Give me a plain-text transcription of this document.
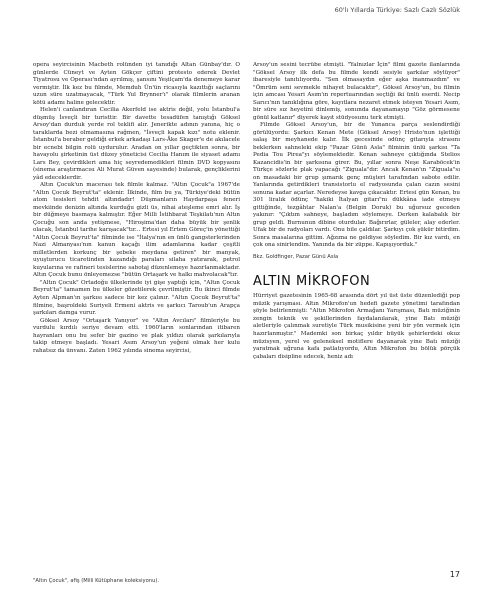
60'lı Yıllarda Türkiye: Sazlı Cazlı Sözlük

opera seyircisinin Macbeth rolünden iyi tanıdığı Altan Günbay'dır. O günlerde Cüneyt ve Ayten Gökçer çiftini protesto ederek Devlet Tiyatrosu ve Operası'ndan ayrılmış, şansını Yeşilçam'da denemeye karar vermiştir. İlk kez bu filmde, Memduh Ün'ün ricasıyla kazıttığı saçlarını uzun süre uzatmayacak, "Türk Yul Brynner'ı" olarak filmlerin aranan kötü adamı haline gelecektir.

Helen'i canlandıran Cecilia Akerfeld ise aktris değil, yolu İstanbul'a düşmüş İsveçli bir turisttir. Bir davette tesadüfen tanıştığı Göksel Arsoy'dan durduk yerde rol teklifi alır. Jenerikte adının yanına, hiç o taraklarda bezi olmamasına rağmen, "İsveçli kapak kızı" notu eklenir. İstanbul'a beraber geldiği erkek arkadaşı Lars-Åke Skager'e de akılacele bir ecnebi bilgin rolü uydurulur. Aradan on yıllar geçtikten sonra, bir havayolu şirketinin üst düzey yöneticisi Cecilia Hanım ile siyaset adamı Lars Bey, çevirdikleri ama hiç seyredemedikleri filmin DVD kopyasını (sinema araştırmacısı Ali Murat Güven sayesinde) bularak, gençliklerini yâd edeceklerdir.

Altın Çocuk'un macerası tek filmle kalmaz. "Altın Çocuk"a 1967'de "Altın Çocuk Beyrut'ta" eklenir. İlkinde, film bu ya, Türkiye'deki bütün atom tesisleri tehdit altındadır! Düşmanların Haydarpaşa feneri mevkiinde denizin altında kurduğu gizli üs, nihai ateşleme emri alır. İş bir düğmeye basmaya kalmıştır. Eğer Milli İstihbarat Teşkilatı'nın Altın Çocuğu son anda yetişmese, "Hiroşima'dan daha büyük bir şenlik olacak, İstanbul tarihe karışacak"tır... Ertesi yıl Ertem Göreç'in yönettiği "Altın Çocuk Beyrut'ta" filminde ise "İtalya'nın en ünlü gangsterlerinden Nazi Almanyası'nın kanun kaçağı ilim adamlarına kadar çeşitli milletlerden korkunç bir şebeke meydana getiren" bir manyak, uyuşturucu ticaretinden kazandığı paraları silaha yatırarak, petrol kuyularına ve rafineri tesislerine sabotaj düzenlemeye hazırlanmaktadır. Altın Çocuk bunu önleyemezse "bütün Ortaşark ve halkı mahvolacak"tır.

"Altın Çocuk" Ortadoğu ülkelerinde iyi gişe yaptığı için, "Altın Çocuk Beyrut'ta" tamamen bu ülkeler gözetilerek çevrilmiştir. Bu ikinci filmde Ayten Alpman'ın şarkısı sadece bir kez çalınır. "Altın Çocuk Beyrut'ta" filmine, başroldeki Suriyeli Ermeni aktris ve şarkıcı Taroub'un Arapça şarkıları damga vurur.

Göksel Arsoy "Ortaşark Yanıyor" ve "Altın Avcıları" filmleriyle bu vurdulu kırdılı seriye devam etti. 1960'ların sonlarından itibaren hayranları onu bu sefer bir gazino ve plak yıldızı olarak şarkılarıyla takip etmeye başladı. Yesari Asım Arsoy'un yeğeni olmak her kulu rahatsız da ünvanı. Zaten 1962 yılında sinema seyircisi,

Arsoy'un sesini tecrübe etmişti. "Yalnızlar İçin" filmi gazete ilanlarında "Göksel Arsoy ilk defa bu filmde kendi sesiyle şarkılar söylüyor" ibaresiyle tanıtılıyordu. "Sen olmasaydın eğer aşka inanmazdım" ve "Ömrüm seni sevmekle nihayet bulacaktır", Göksel Arsoy'un, bu filmin için amcası Yesari Asım'ın repertuarından seçtiği iki ünlü eserdi. Necip Sarıcı'nın tanıklığına göre, kayıtlara nezaret etmek isteyen Yesari Asım, bir süre sız heyetini dinlemiş, sonunda dayanamayıp "Göz görmesene gönül katlanır" diyerek kayıt stüdyosunu terk etmişti.

Filmde Göksel Arsoy'un, bir de Yunanca parça seslendirdiği görülüyordu: Şarkıcı Kenan Mete (Göksel Arsoy) Hristo'nun işlettiği salaş bir meyhanede kalır. İlk gecesinde odünç gitarıyla strasını beklerken sahneleki ekip "Pazar Günü Asla" filminin ünlü şarkısı "Ta Pedia Tou Pirea"yı söylemektedir. Kenan sahneye çıktığında Stelios Kazancidis'in bir şarkısına girer. Bu, yıllar sonra Neşe Karaböcek'in Türkçe sözlerle plak yapacağı "Ziguala"dır. Ancak Kenan'ın "Ziguala"sı on masadaki bir grup şımarık genç müşteri tarafından sabote edilir. Yanlarında getirdikleri transistorlu el radyosunda çalan cazın sesini sonuna kadar açarlar. Neredeyse kavga çıkacaktır. Ertesi gün Kenan, bu 301 liralık ödünç "hakiki İtalyan gitarı"nı dükkâna iade etmeye gittiğinde, tezgâhtar Nalan'a (Belgin Doruk) bu uğursuz geceden yakınır: "Çıktım sahneye, başladım söylemeye. Derken kalabalık bir grup geldi. Burnunun dibine oturdular. Bağırırlar, güleler, alay ederler. Ufak bir de radyoları vardı. Onu bile çaldılar. Şarkıyı çok şükür bitirdim. Sonra masalarına gittim. Ağzıma ne geldiyse söyledim. Bir kız vardı, en çok ona sinirlendim. Yanında da bir züppe. Kapışıyorduk."

Bkz. Goldfinger, Pazar Günü Asla
ALTIN MİKROFON

Hürriyet gazetesinin 1965-68 arasında dört yıl üst üste düzenlediği pop müzik yarışması. Altın Mikrofon'un hedefi gazete yönetimi tarafından şöyle belirlenmişti: "Altın Mikrofon Armağanı Yarışması, Batı müziğinin zengin teknik ve şekillerinden faydalanılarak, yine Batı müziği aletleriyle çalınmak suretiyle Türk musikisine yeni bir yön vermek için hazırlanmıştır." Mademki son birkaç yıldır büyük şehirlerdeki okuz müzisyen, yerel ve geleneksel motiflere dayanarak yine Batı müziği yaratmak uğruna kafa patlatıyordu, Altın Mikrofon bu bölük pörçük çabaları disipline edecek, heniz adı

"Altın Çocuk", afiş (Milli Kütüphane koleksiyonu).
17
